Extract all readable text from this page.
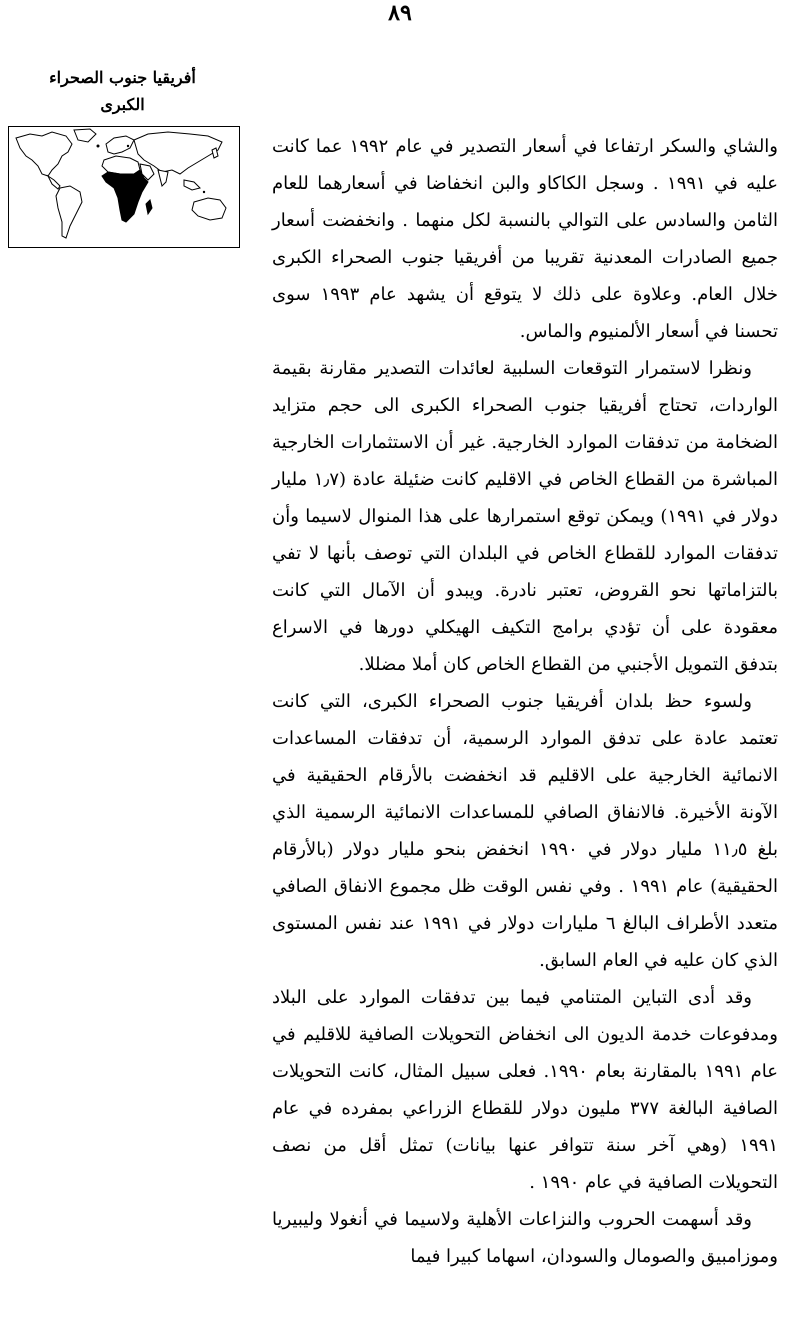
٨٩
أفريقيا جنوب الصحراء
الكبرى

والشاي والسكر ارتفاعا في أسعار التصدير في عام ١٩٩٢ عما كانت عليه في ١٩٩١ . وسجل الكاكاو والبن انخفاضا في أسعارهما للعام الثامن والسادس على التوالي بالنسبة لكل منهما . وانخفضت أسعار جميع الصادرات المعدنية تقريبا من أفريقيا جنوب الصحراء الكبرى خلال العام. وعلاوة على ذلك لا يتوقع أن يشهد عام ١٩٩٣ سوى تحسنا في أسعار الألمنيوم والماس.

ونظرا لاستمرار التوقعات السلبية لعائدات التصدير مقارنة بقيمة الواردات، تحتاج أفريقيا جنوب الصحراء الكبرى الى حجم متزايد الضخامة من تدفقات الموارد الخارجية. غير أن الاستثمارات الخارجية المباشرة من القطاع الخاص في الاقليم كانت ضئيلة عادة (١٫٧ مليار دولار في ١٩٩١) ويمكن توقع استمرارها على هذا المنوال لاسيما وأن تدفقات الموارد للقطاع الخاص في البلدان التي توصف بأنها لا تفي بالتزاماتها نحو القروض، تعتبر نادرة. ويبدو أن الآمال التي كانت معقودة على أن تؤدي برامج التكيف الهيكلي دورها في الاسراع بتدفق التمويل الأجنبي من القطاع الخاص كان أملا مضللا.

ولسوء حظ بلدان أفريقيا جنوب الصحراء الكبرى، التي كانت تعتمد عادة على تدفق الموارد الرسمية، أن تدفقات المساعدات الانمائية الخارجية على الاقليم قد انخفضت بالأرقام الحقيقية في الآونة الأخيرة. فالانفاق الصافي للمساعدات الانمائية الرسمية الذي بلغ ١١٫٥ مليار دولار في ١٩٩٠ انخفض بنحو مليار دولار (بالأرقام الحقيقية) عام ١٩٩١ . وفي نفس الوقت ظل مجموع الانفاق الصافي متعدد الأطراف البالغ ٦ مليارات دولار في ١٩٩١ عند نفس المستوى الذي كان عليه في العام السابق.

وقد أدى التباين المتنامي فيما بين تدفقات الموارد على البلاد ومدفوعات خدمة الديون الى انخفاض التحويلات الصافية للاقليم في عام ١٩٩١ بالمقارنة بعام ١٩٩٠. فعلى سبيل المثال، كانت التحويلات الصافية البالغة ٣٧٧ مليون دولار للقطاع الزراعي بمفرده في عام ١٩٩١ (وهي آخر سنة تتوافر عنها بيانات) تمثل أقل من نصف التحويلات الصافية في عام ١٩٩٠ .

وقد أسهمت الحروب والنزاعات الأهلية ولاسيما في أنغولا وليبيريا وموزامبيق والصومال والسودان، اسهاما كبيرا فيما
